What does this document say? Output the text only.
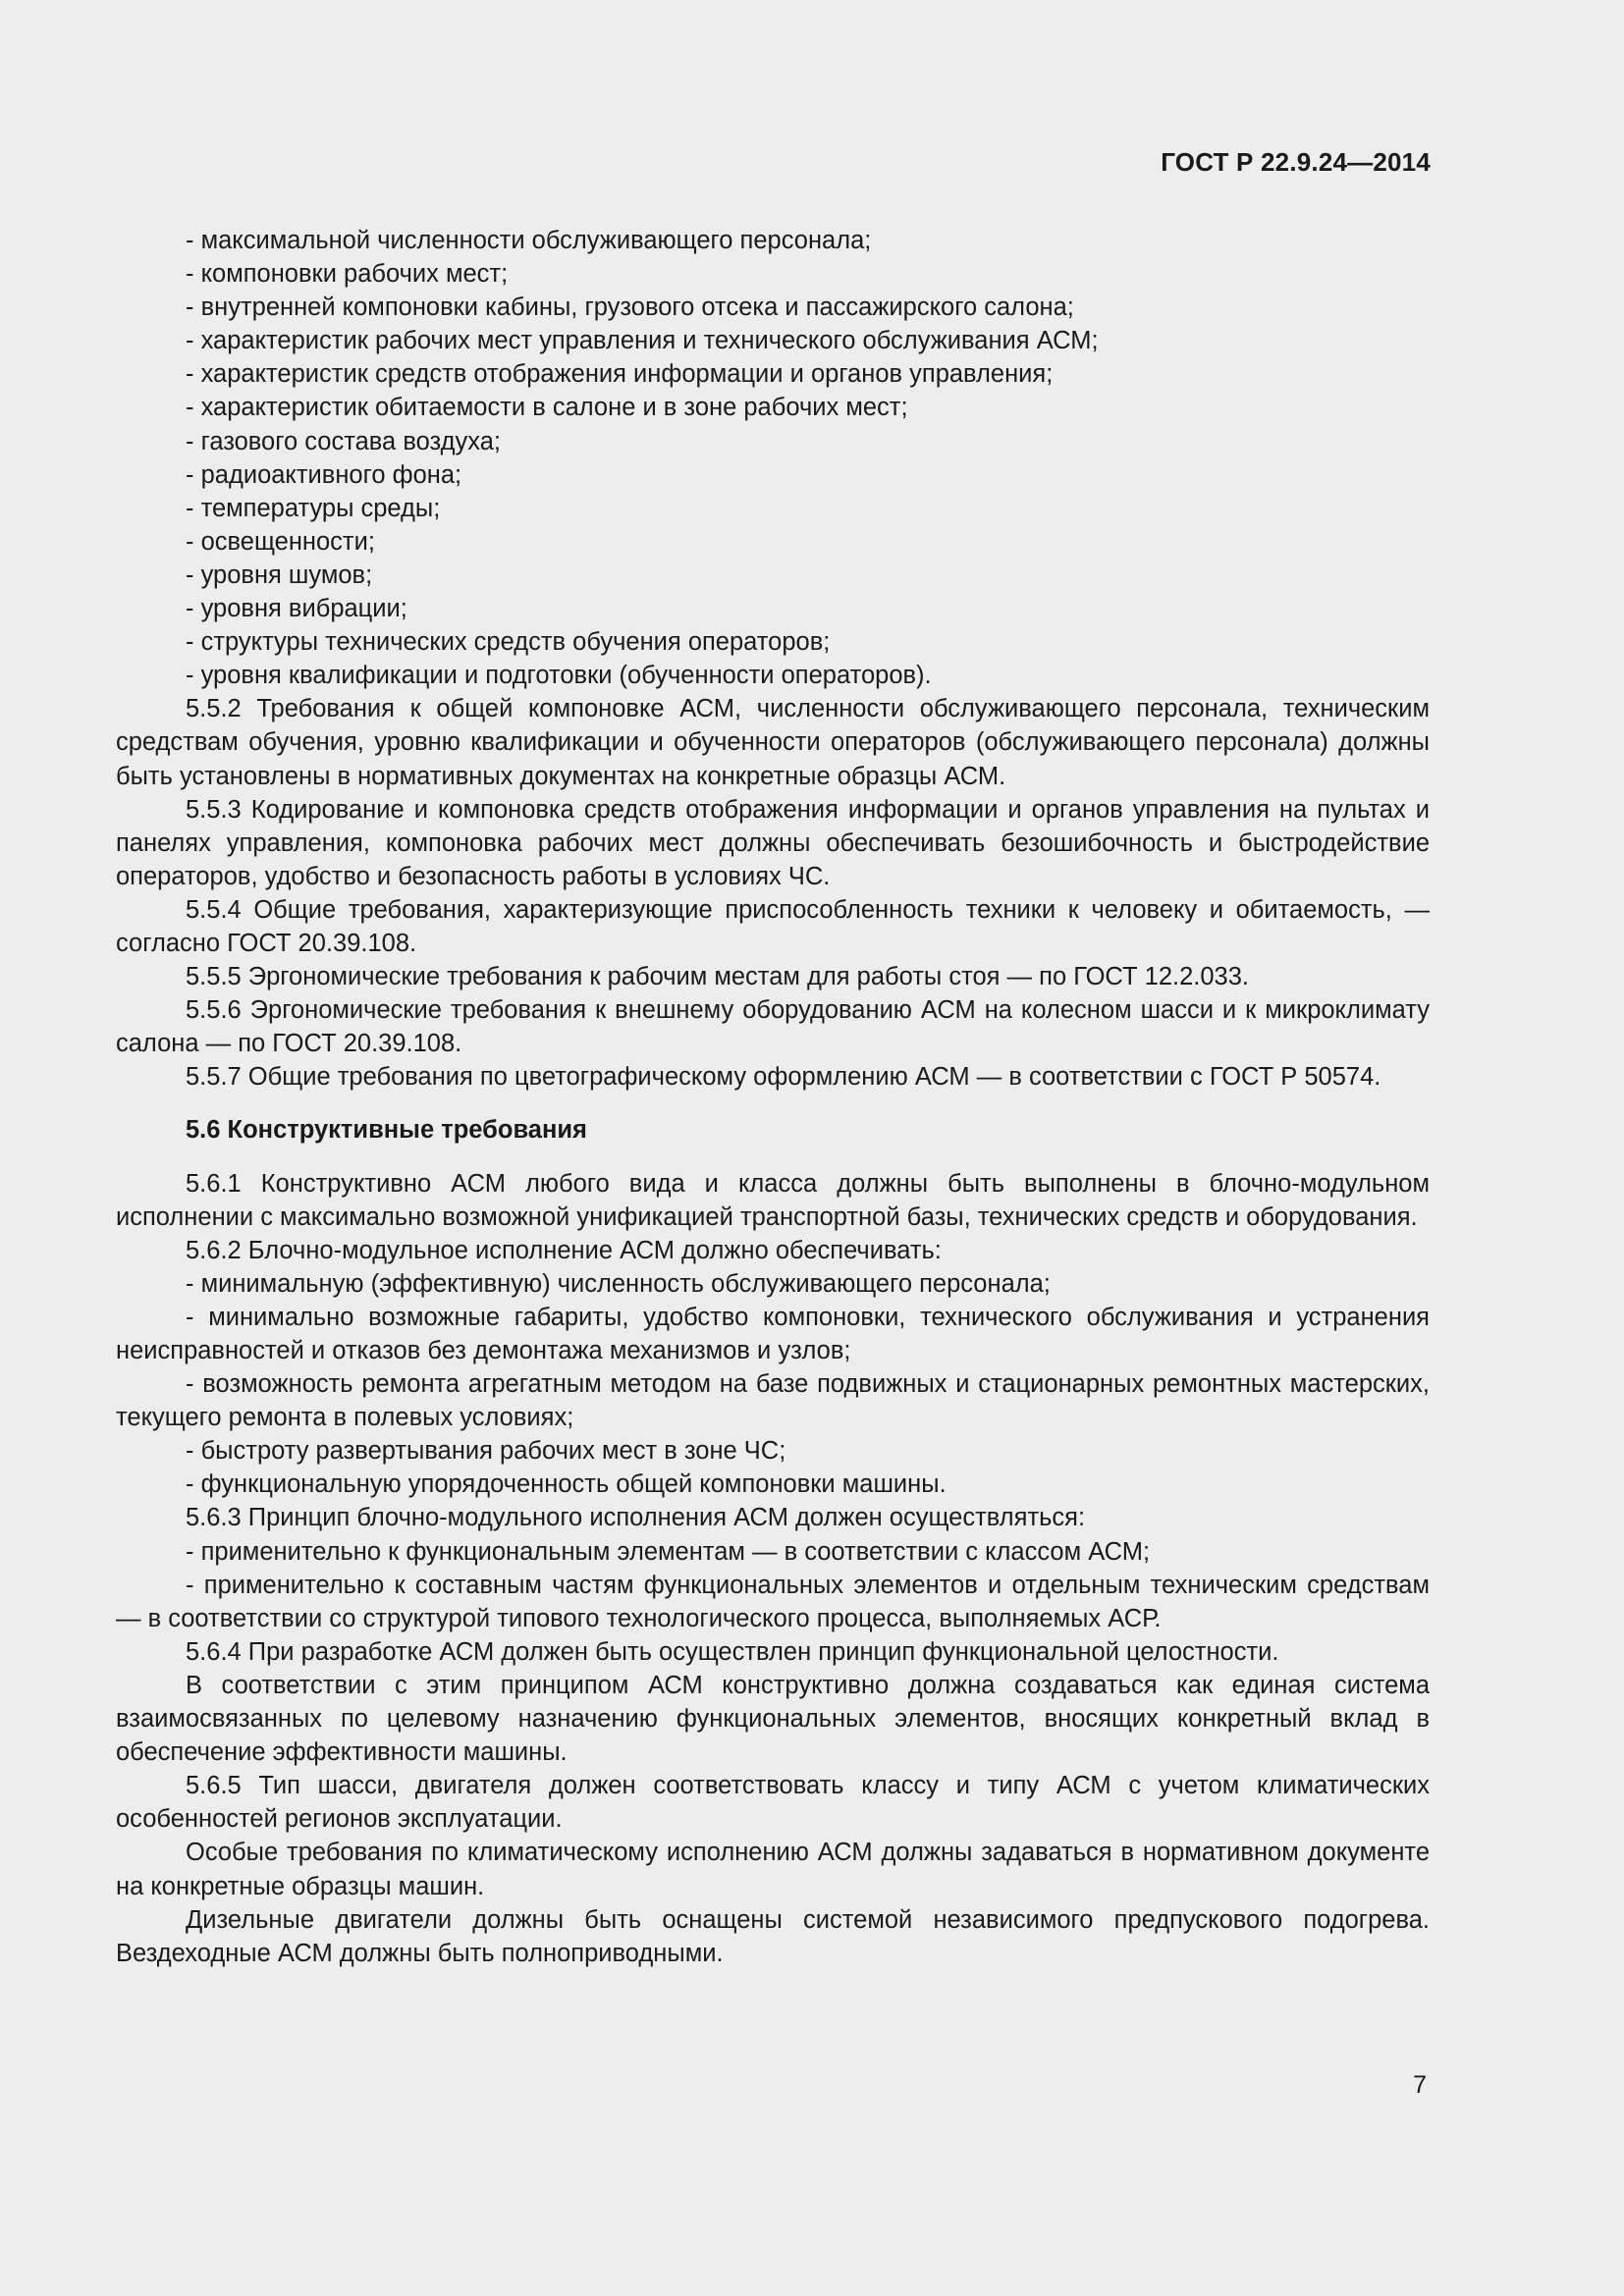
ГОСТ Р 22.9.24—2014

- максимальной численности обслуживающего персонала;

- компоновки рабочих мест;

- внутренней компоновки кабины, грузового отсека и пассажирского салона;

- характеристик рабочих мест управления и технического обслуживания АСМ;

- характеристик средств отображения информации и органов управления;

- характеристик обитаемости в салоне и в зоне рабочих мест;

- газового состава воздуха;

- радиоактивного фона;

- температуры среды;

- освещенности;

- уровня шумов;

- уровня вибрации;

- структуры технических средств обучения операторов;

- уровня квалификации и подготовки (обученности операторов).

5.5.2 Требования к общей компоновке АСМ, численности обслуживающего персонала, техническим средствам обучения, уровню квалификации и обученности операторов (обслуживающего персонала) должны быть установлены в нормативных документах на конкретные образцы АСМ.

5.5.3 Кодирование и компоновка средств отображения информации и органов управления на пультах и панелях управления, компоновка рабочих мест должны обеспечивать безошибочность и быстродействие операторов, удобство и безопасность работы в условиях ЧС.

5.5.4 Общие требования, характеризующие приспособленность техники к человеку и обитаемость, — согласно ГОСТ 20.39.108.

5.5.5 Эргономические требования к рабочим местам для работы стоя — по ГОСТ 12.2.033.

5.5.6 Эргономические требования к внешнему оборудованию АСМ на колесном шасси и к микроклимату салона — по ГОСТ 20.39.108.

5.5.7 Общие требования по цветографическому оформлению АСМ — в соответствии с ГОСТ Р 50574.

5.6 Конструктивные требования

5.6.1 Конструктивно АСМ любого вида и класса должны быть выполнены в блочно-модульном исполнении с максимально возможной унификацией транспортной базы, технических средств и оборудования.

5.6.2 Блочно-модульное исполнение АСМ должно обеспечивать:

- минимальную (эффективную) численность обслуживающего персонала;

- минимально возможные габариты, удобство компоновки, технического обслуживания и устранения неисправностей и отказов без демонтажа механизмов и узлов;

- возможность ремонта агрегатным методом на базе подвижных и стационарных ремонтных мастерских, текущего ремонта в полевых условиях;

- быстроту развертывания рабочих мест в зоне ЧС;

- функциональную упорядоченность общей компоновки машины.

5.6.3 Принцип блочно-модульного исполнения АСМ должен осуществляться:

- применительно к функциональным элементам — в соответствии с классом АСМ;

- применительно к составным частям функциональных элементов и отдельным техническим средствам — в соответствии со структурой типового технологического процесса, выполняемых АСР.

5.6.4 При разработке АСМ должен быть осуществлен принцип функциональной целостности.

В соответствии с этим принципом АСМ конструктивно должна создаваться как единая система взаимосвязанных по целевому назначению функциональных элементов, вносящих конкретный вклад в обеспечение эффективности машины.

5.6.5 Тип шасси, двигателя должен соответствовать классу и типу АСМ с учетом климатических особенностей регионов эксплуатации.

Особые требования по климатическому исполнению АСМ должны задаваться в нормативном документе на конкретные образцы машин.

Дизельные двигатели должны быть оснащены системой независимого предпускового подогрева. Вездеходные АСМ должны быть полноприводными.

7
